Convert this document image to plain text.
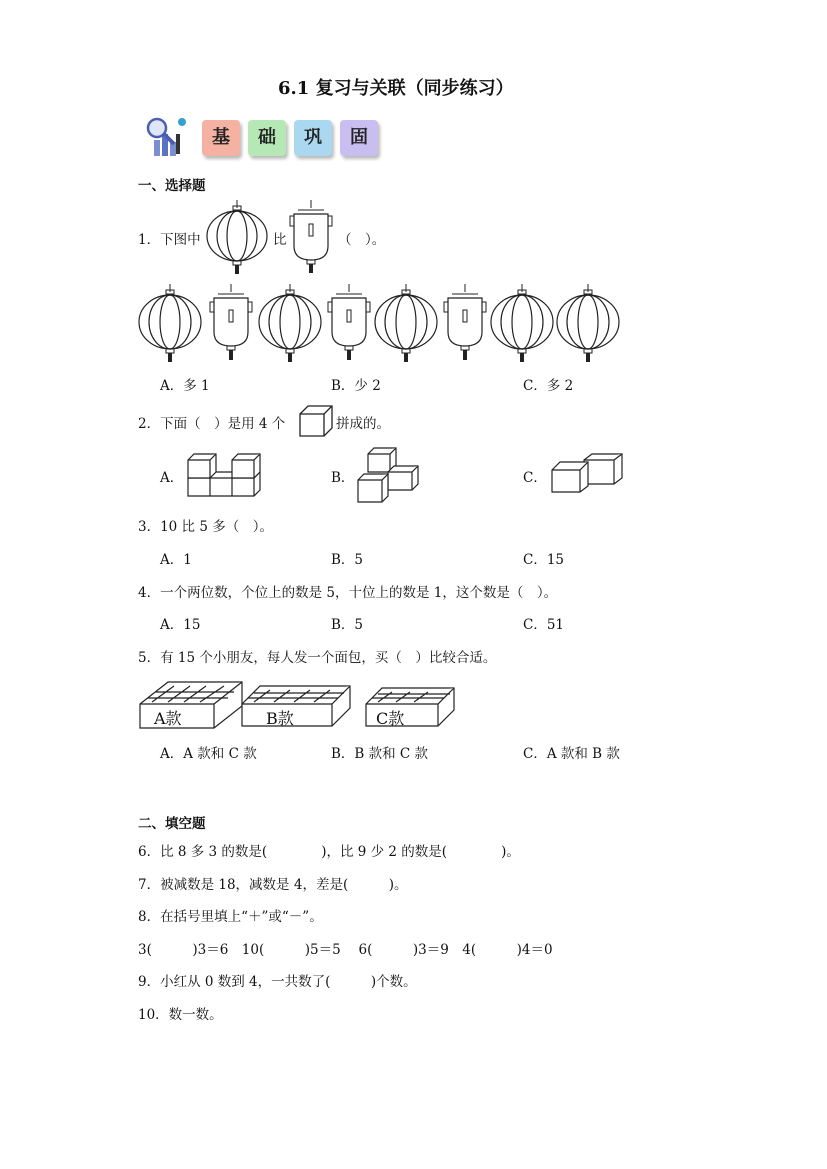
6.1 复习与关联（同步练习）
基	础	巩	固
一、选择题
1．下图中	比	（　）。
A．多 1	B．少 2	C．多 2
2．下面（　）是用 4 个	拼成的。
A．	B．	C．
3．10 比 5 多（　）。
A．1	B．5	C．15
4．一个两位数，个位上的数是 5，十位上的数是 1，这个数是（　）。
A．15	B．5	C．51
5．有 15 个小朋友，每人发一个面包，买（　）比较合适。
A款	B款	C款
A．A 款和 C 款	B．B 款和 C 款	C．A 款和 B 款
二、填空题
6．比 8 多 3 的数是(　　　　)，比 9 少 2 的数是(　　　　)。
7．被减数是 18，减数是 4，差是(　　　)。
8．在括号里填上“＋”或“－”。
3(　　　)3＝6　10(　　　)5＝5　 6(　　　)3＝9　4(　　　)4＝0
9．小红从 0 数到 4，一共数了(　　　)个数。
10．数一数。
